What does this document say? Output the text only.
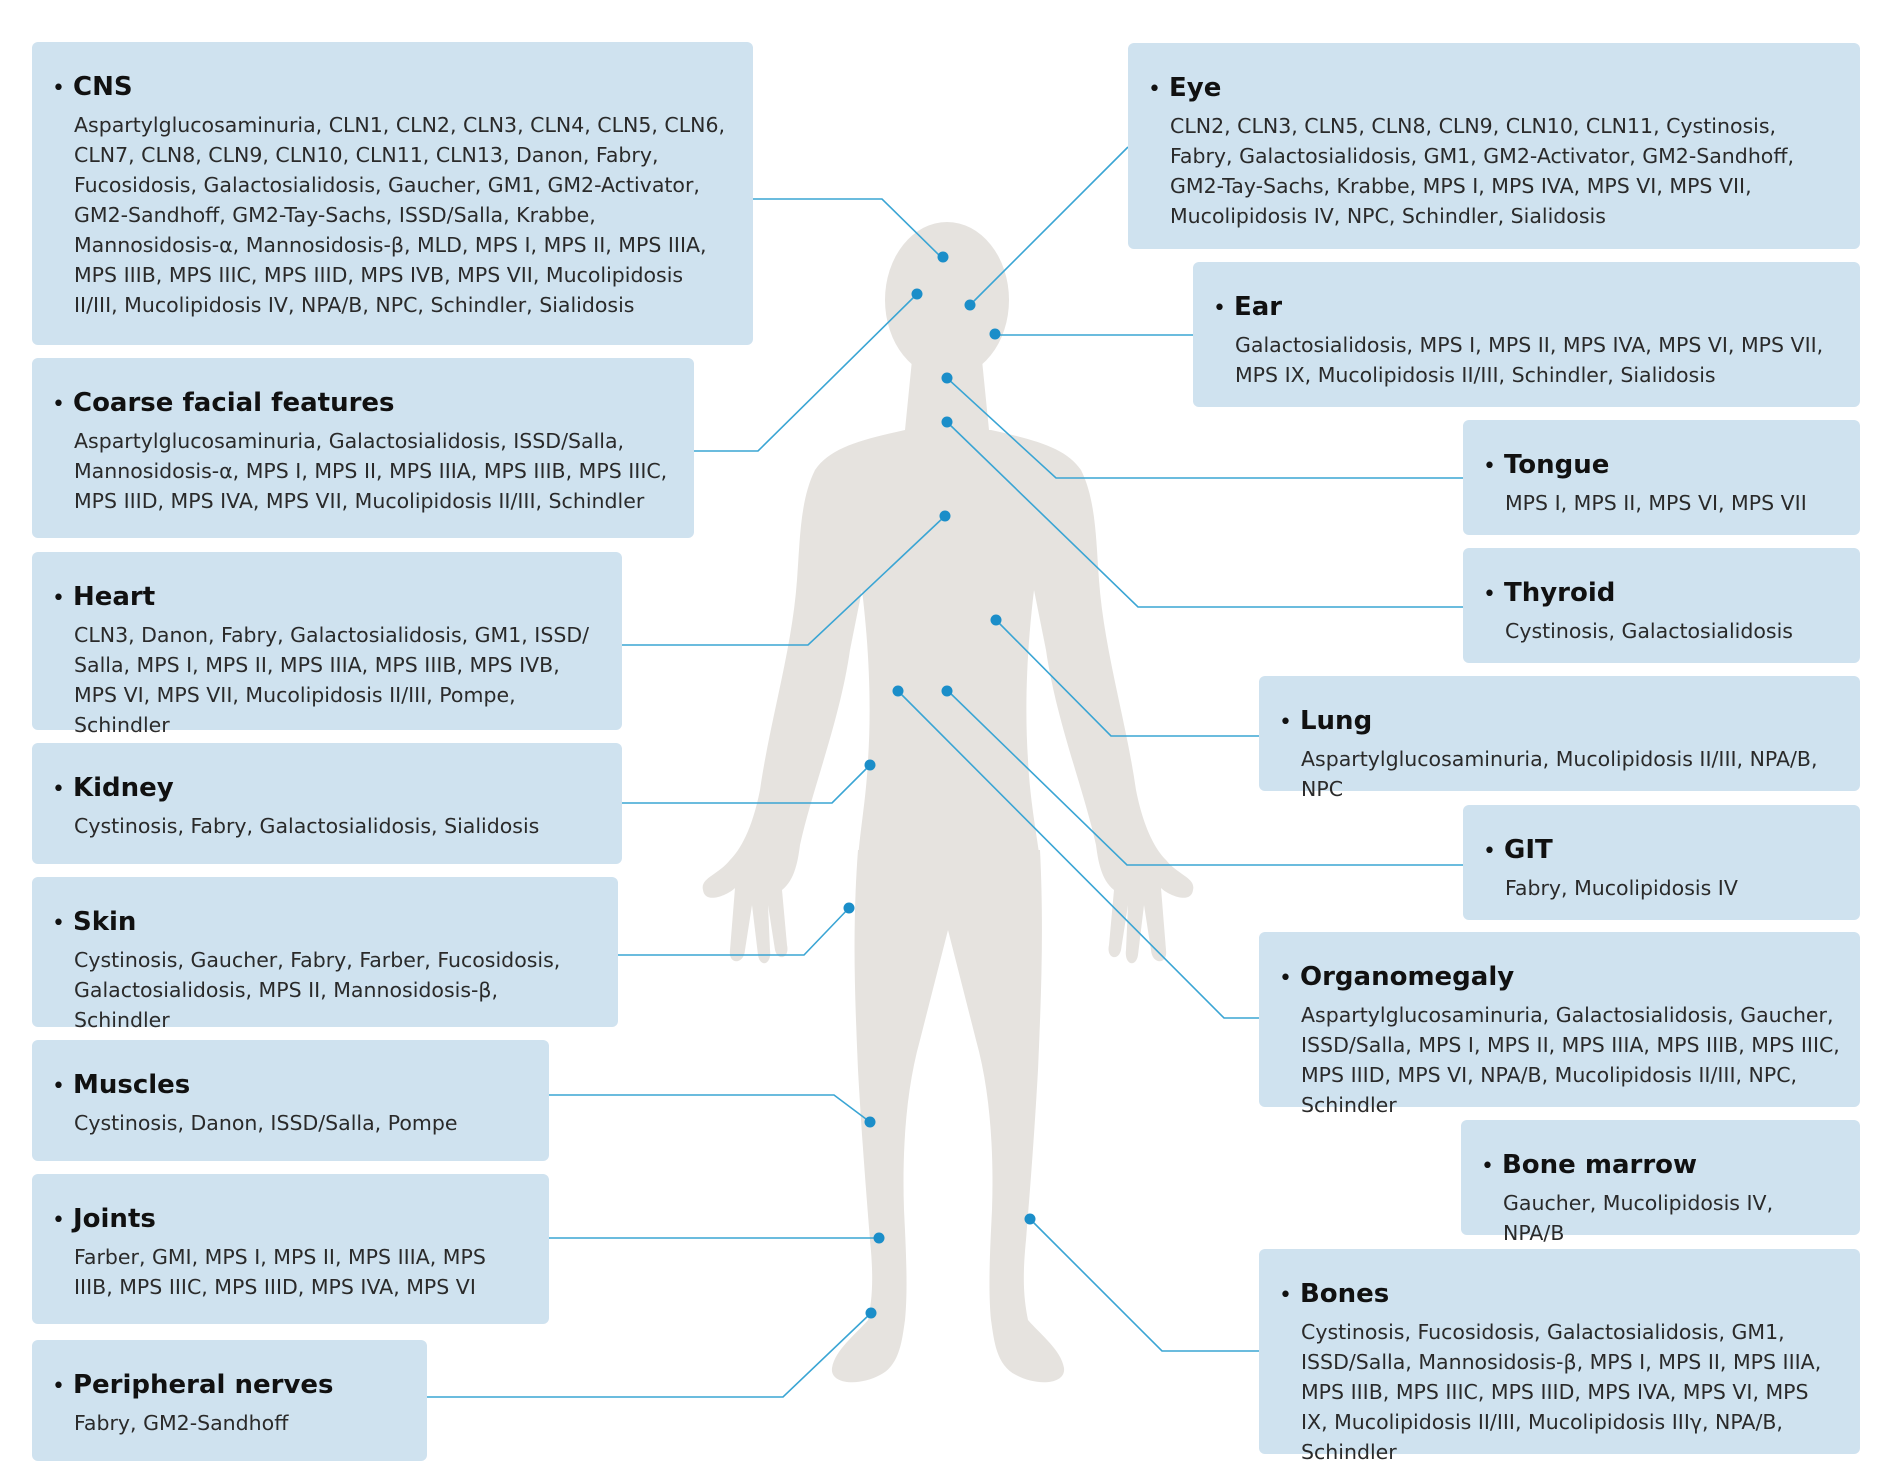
• CNS
Aspartylglucosaminuria, CLN1, CLN2, CLN3, CLN4, CLN5, CLN6, CLN7, CLN8, CLN9, CLN10, CLN11, CLN13, Danon, Fabry, Fucosidosis, Galactosialidosis, Gaucher, GM1, GM2-Activator, GM2-Sandhoff, GM2-Tay-Sachs, ISSD/Salla, Krabbe, Mannosidosis-α, Mannosidosis-β, MLD, MPS I, MPS II, MPS IIIA, MPS IIIB, MPS IIIC, MPS IIID, MPS IVB, MPS VII, Mucolipidosis II/III, Mucolipidosis IV, NPA/B, NPC, Schindler, Sialidosis
• Coarse facial features
Aspartylglucosaminuria, Galactosialidosis, ISSD/Salla, Mannosidosis-α, MPS I, MPS II, MPS IIIA, MPS IIIB, MPS IIIC, MPS IIID, MPS IVA, MPS VII, Mucolipidosis II/III, Schindler
• Heart
CLN3, Danon, Fabry, Galactosialidosis, GM1, ISSD/ Salla, MPS I, MPS II, MPS IIIA, MPS IIIB, MPS IVB, MPS VI, MPS VII, Mucolipidosis II/III, Pompe, Schindler
• Kidney
Cystinosis, Fabry, Galactosialidosis, Sialidosis
• Skin
Cystinosis, Gaucher, Fabry, Farber, Fucosidosis, Galactosialidosis, MPS II, Mannosidosis-β, Schindler
• Muscles
Cystinosis, Danon, ISSD/Salla, Pompe
• Joints
Farber, GMI, MPS I, MPS II, MPS IIIA, MPS IIIB, MPS IIIC, MPS IIID, MPS IVA, MPS VI
• Peripheral nerves
Fabry, GM2-Sandhoff
• Eye
CLN2, CLN3, CLN5, CLN8, CLN9, CLN10, CLN11, Cystinosis, Fabry, Galactosialidosis, GM1, GM2-Activator, GM2-Sandhoff, GM2-Tay-Sachs, Krabbe, MPS I, MPS IVA, MPS VI, MPS VII, Mucolipidosis IV, NPC, Schindler, Sialidosis
• Ear
Galactosialidosis, MPS I, MPS II, MPS IVA, MPS VI, MPS VII, MPS IX, Mucolipidosis II/III, Schindler, Sialidosis
• Tongue
MPS I, MPS II, MPS VI, MPS VII
• Thyroid
Cystinosis, Galactosialidosis
• Lung
Aspartylglucosaminuria, Mucolipidosis II/III, NPA/B, NPC
• GIT
Fabry, Mucolipidosis IV
• Organomegaly
Aspartylglucosaminuria, Galactosialidosis, Gaucher, ISSD/Salla, MPS I, MPS II, MPS IIIA, MPS IIIB, MPS IIIC, MPS IIID, MPS VI, NPA/B, Mucolipidosis II/III, NPC, Schindler
• Bone marrow
Gaucher, Mucolipidosis IV, NPA/B
• Bones
Cystinosis, Fucosidosis, Galactosialidosis, GM1, ISSD/Salla, Mannosidosis-β, MPS I, MPS II, MPS IIIA, MPS IIIB, MPS IIIC, MPS IIID, MPS IVA, MPS VI, MPS IX, Mucolipidosis II/III, Mucolipidosis IIIγ, NPA/B, Schindler
